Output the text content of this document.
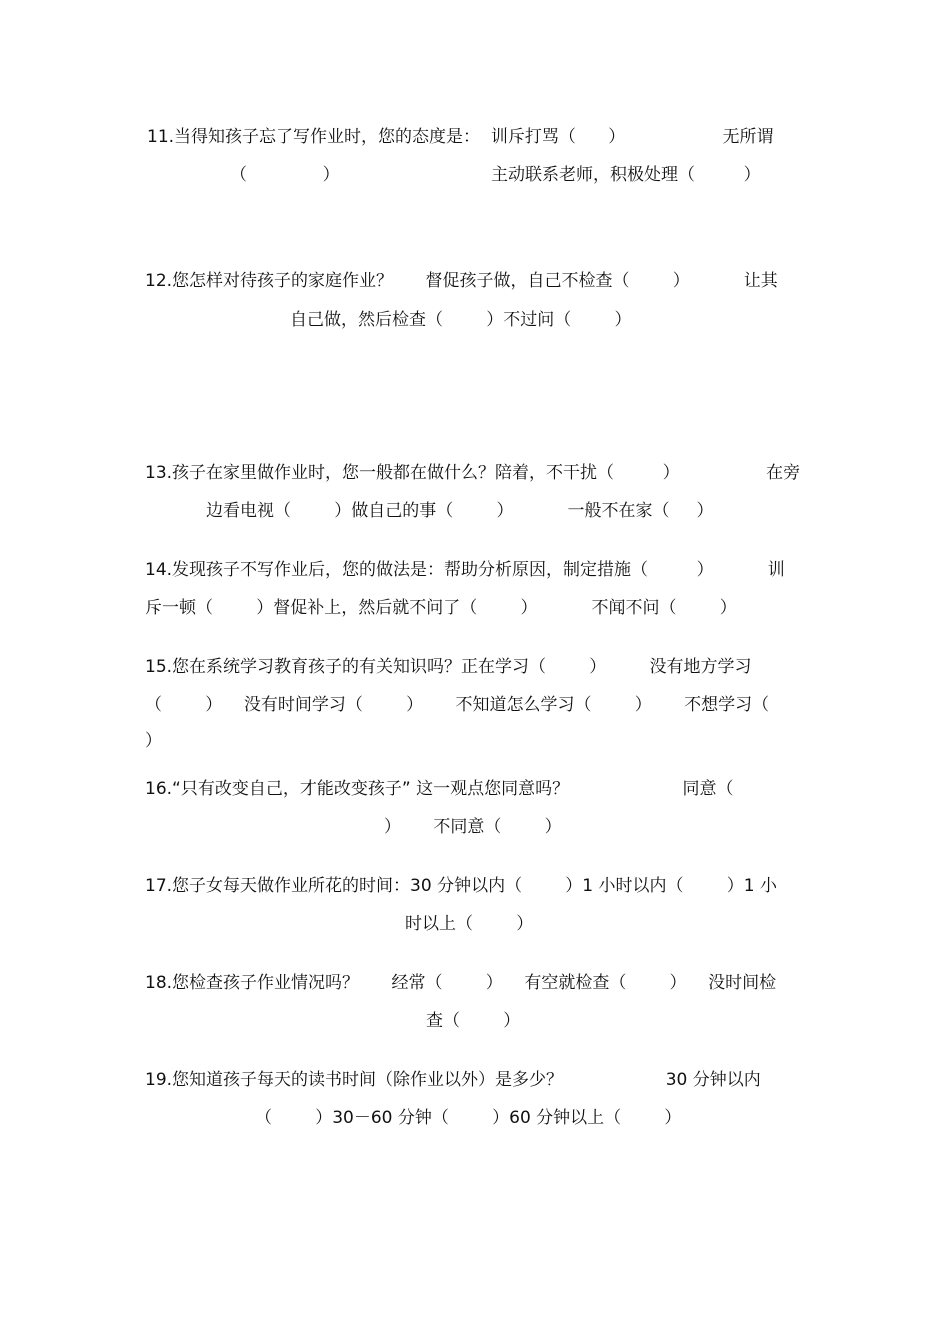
11.当得知孩子忘了写作业时，您的态度是：  训斥打骂（      ）                  无所谓
（              ）                            主动联系老师，积极处理（         ）
12.您怎样对待孩子的家庭作业？      督促孩子做，自己不检查（        ）          让其
自己做，然后检查（        ）不过问（        ）
13.孩子在家里做作业时，您一般都在做什么？陪着，不干扰（         ）                在旁
边看电视（        ）做自己的事（        ）          一般不在家（     ）
14.发现孩子不写作业后，您的做法是：帮助分析原因，制定措施（         ）          训
斥一顿（        ）督促补上，然后就不问了（        ）          不闻不问（        ）
15.您在系统学习教育孩子的有关知识吗？正在学习（        ）        没有地方学习
（        ）    没有时间学习（        ）      不知道怎么学习（        ）      不想学习（
）
16.“只有改变自己，才能改变孩子” 这一观点您同意吗？                     同意（
）      不同意（        ）
17.您子女每天做作业所花的时间：30 分钟以内（        ）1 小时以内（        ）1 小
时以上（        ）
18.您检查孩子作业情况吗？      经常（        ）    有空就检查（        ）    没时间检
查（        ）
19.您知道孩子每天的读书时间（除作业以外）是多少？                   30 分钟以内
（        ）30－60 分钟（        ）60 分钟以上（        ）
